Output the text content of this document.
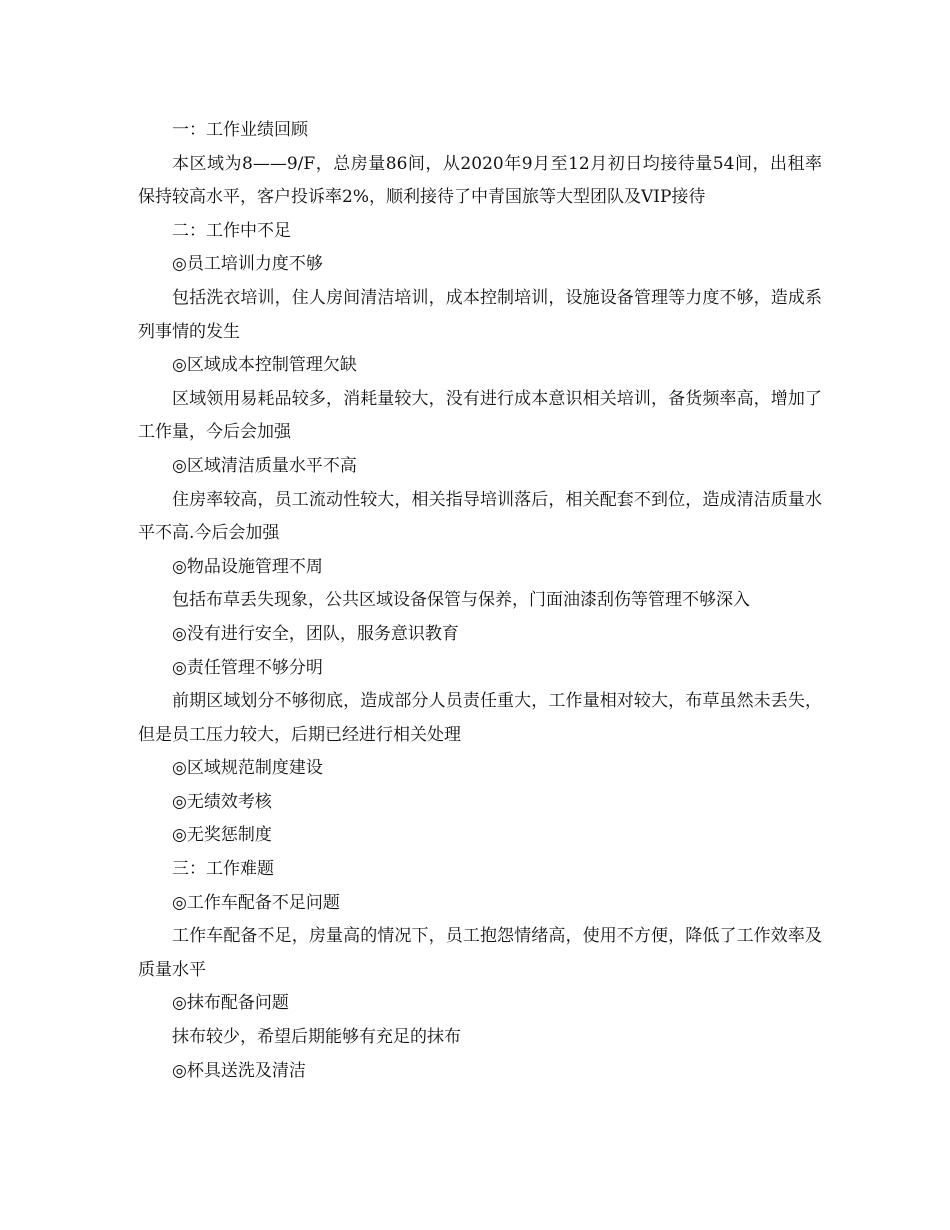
一：工作业绩回顾

本区域为8——9/F，总房量86间，从2020年9月至12月初日均接待量54间，出租率保持较高水平，客户投诉率2%，顺利接待了中青国旅等大型团队及VIP接待

二：工作中不足

◎员工培训力度不够

包括洗衣培训，住人房间清洁培训，成本控制培训，设施设备管理等力度不够，造成系列事情的发生

◎区域成本控制管理欠缺

区域领用易耗品较多，消耗量较大，没有进行成本意识相关培训，备货频率高，增加了工作量，今后会加强

◎区域清洁质量水平不高

住房率较高，员工流动性较大，相关指导培训落后，相关配套不到位，造成清洁质量水平不高.今后会加强

◎物品设施管理不周

包括布草丢失现象，公共区域设备保管与保养，门面油漆刮伤等管理不够深入

◎没有进行安全，团队，服务意识教育

◎责任管理不够分明

前期区域划分不够彻底，造成部分人员责任重大，工作量相对较大，布草虽然未丢失，但是员工压力较大，后期已经进行相关处理

◎区域规范制度建设

◎无绩效考核

◎无奖惩制度

三：工作难题

◎工作车配备不足问题

工作车配备不足，房量高的情况下，员工抱怨情绪高，使用不方便，降低了工作效率及质量水平

◎抹布配备问题

抹布较少，希望后期能够有充足的抹布

◎杯具送洗及清洁
